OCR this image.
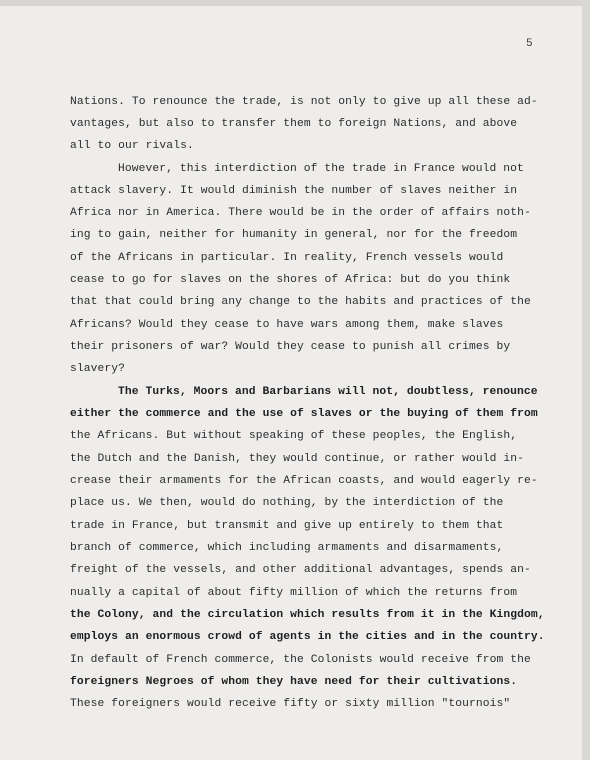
5

Nations. To renounce the trade, is not only to give up all these ad-

vantages, but also to transfer them to foreign Nations, and above

all to our rivals.

However, this interdiction of the trade in France would not

attack slavery. It would diminish the number of slaves neither in

Africa nor in America. There would be in the order of affairs noth-

ing to gain, neither for humanity in general, nor for the freedom

of the Africans in particular. In reality, French vessels would

cease to go for slaves on the shores of Africa: but do you think

that that could bring any change to the habits and practices of the

Africans? Would they cease to have wars among them, make slaves

their prisoners of war? Would they cease to punish all crimes by

slavery?

The Turks, Moors and Barbarians will not, doubtless, renounce

either the commerce and the use of slaves or the buying of them from

the Africans. But without speaking of these peoples, the English,

the Dutch and the Danish, they would continue, or rather would in-

crease their armaments for the African coasts, and would eagerly re-

place us. We then, would do nothing, by the interdiction of the

trade in France, but transmit and give up entirely to them that

branch of commerce, which including armaments and disarmaments,

freight of the vessels, and other additional advantages, spends an-

nually a capital of about fifty million of which the returns from

the Colony, and the circulation which results from it in the Kingdom,

employs an enormous crowd of agents in the cities and in the country.

In default of French commerce, the Colonists would receive from the

foreigners Negroes of whom they have need for their cultivations.

These foreigners would receive fifty or sixty million "tournois"
